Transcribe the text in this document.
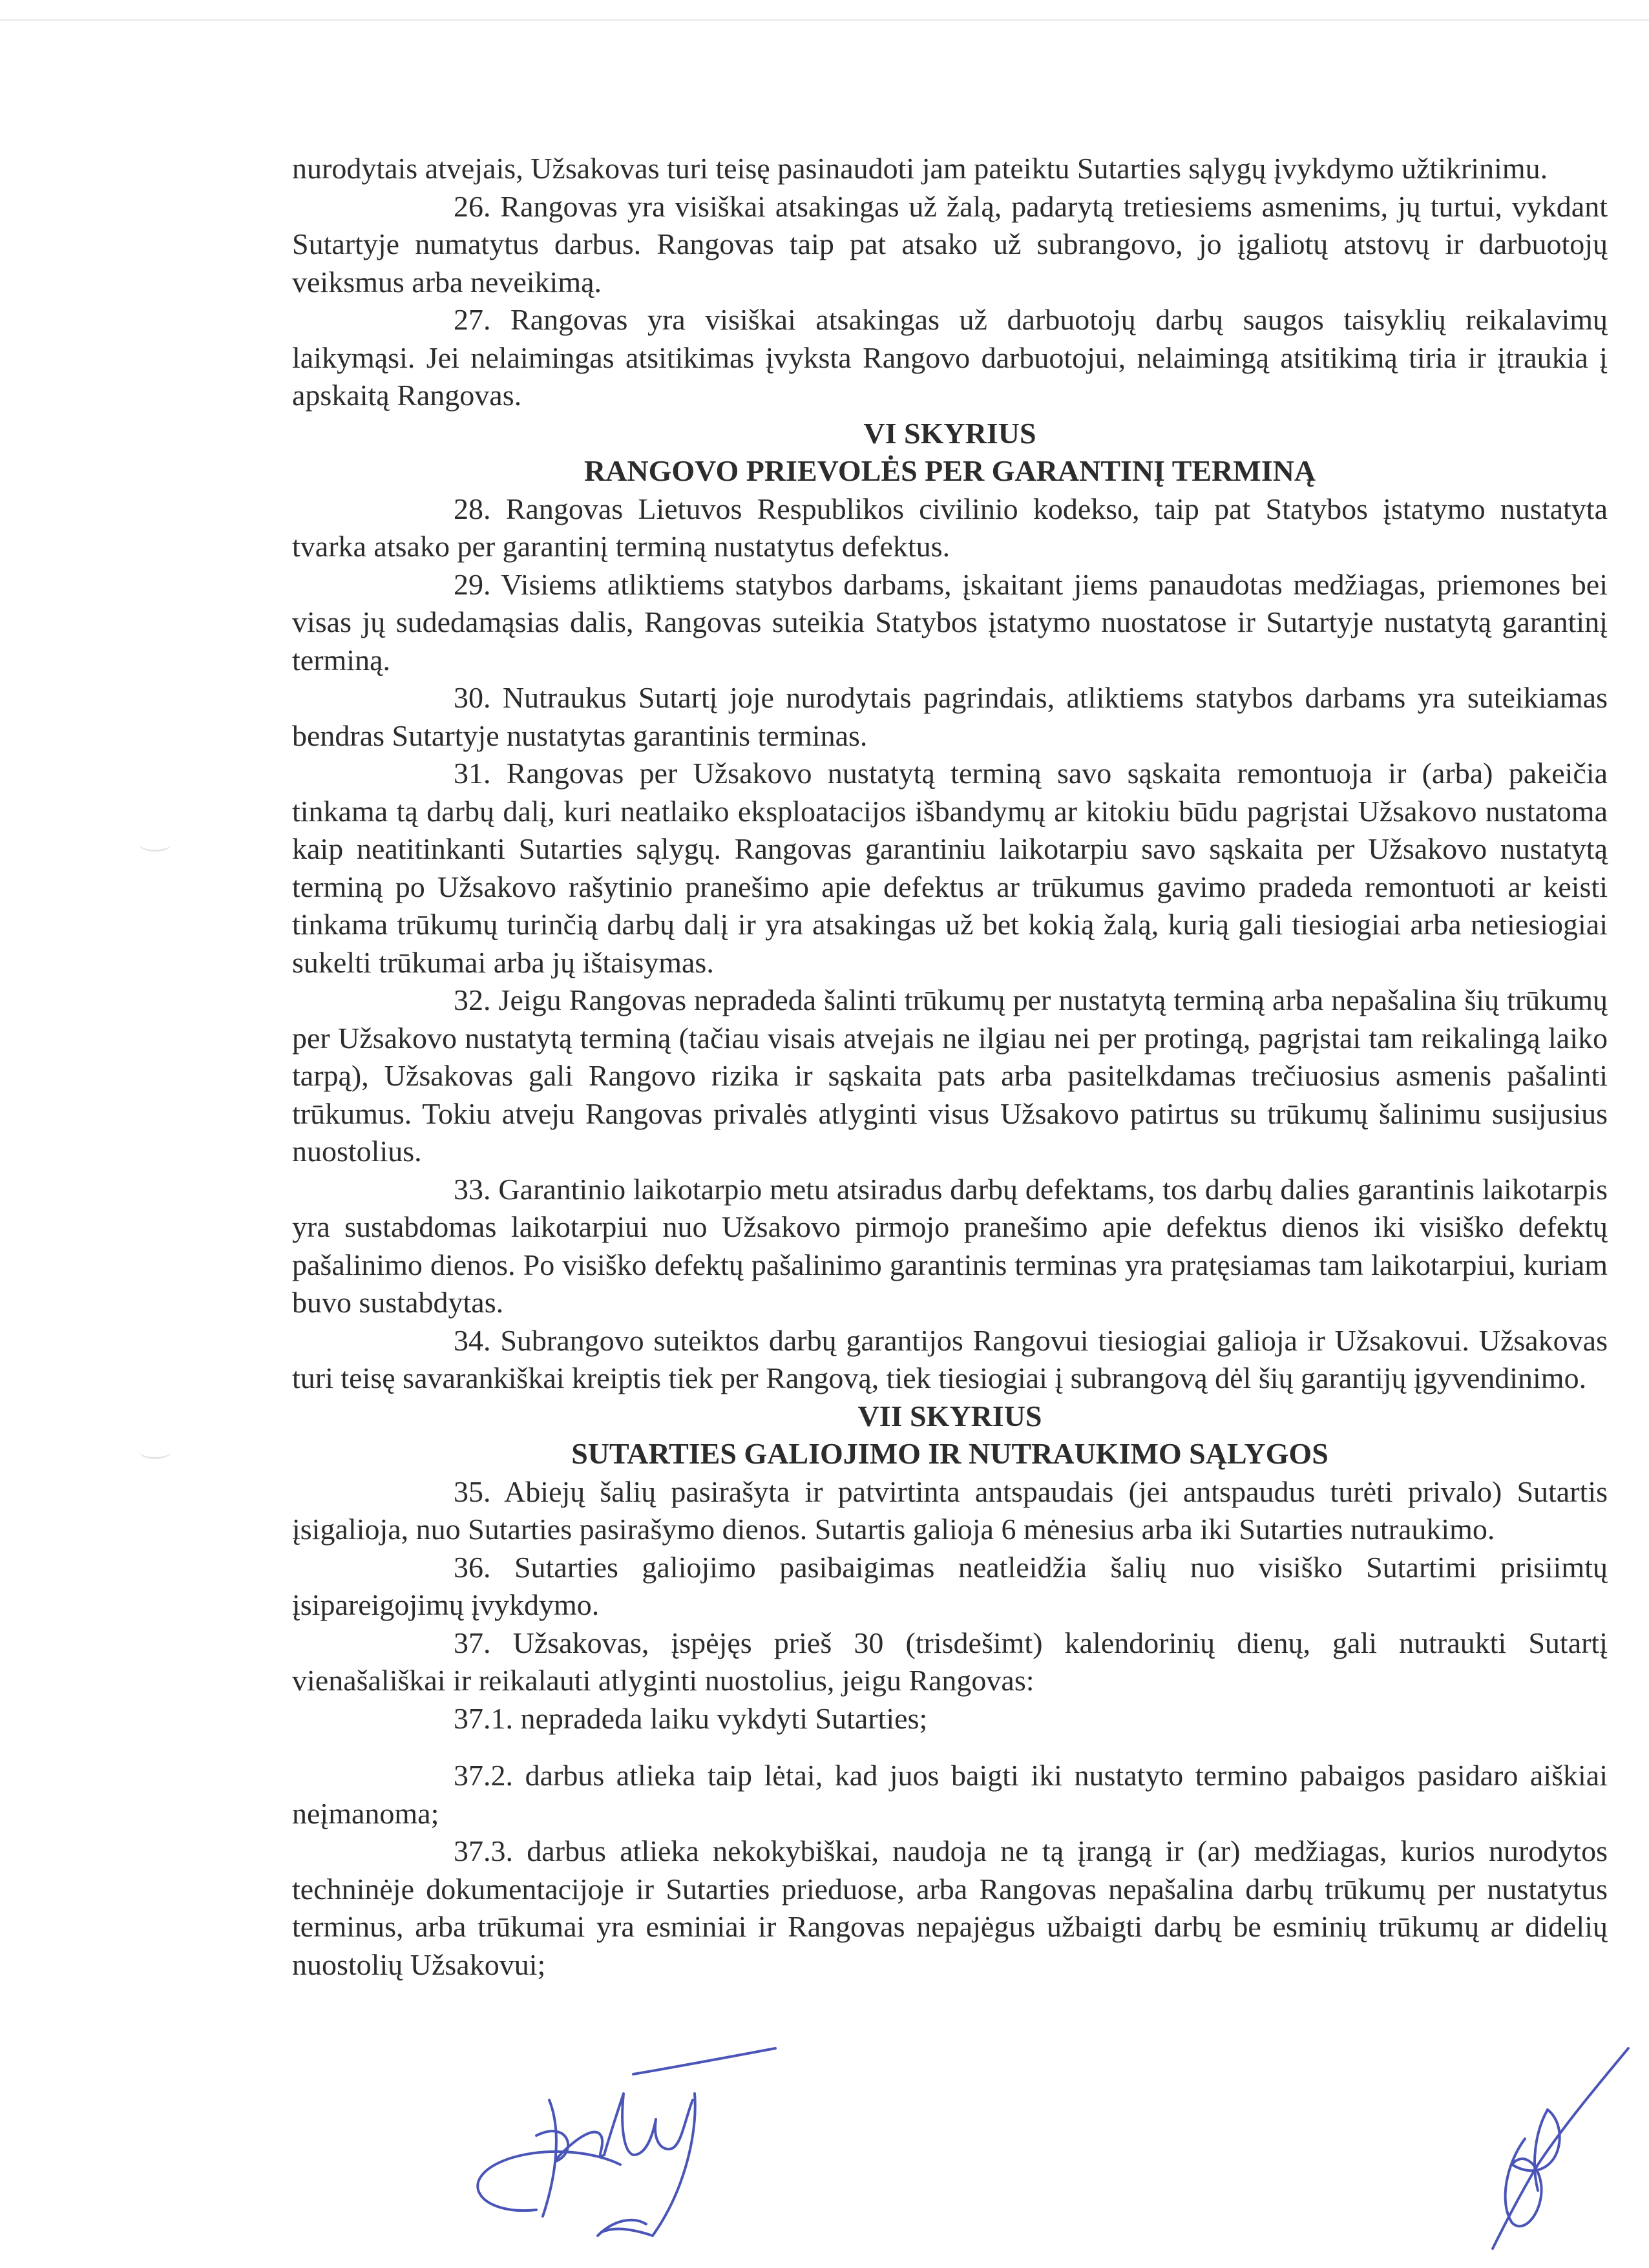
nurodytais atvejais, Užsakovas turi teisę pasinaudoti jam pateiktu Sutarties sąlygų įvykdymo užtikrinimu.

26. Rangovas yra visiškai atsakingas už žalą, padarytą tretiesiems asmenims, jų turtui, vykdant Sutartyje numatytus darbus. Rangovas taip pat atsako už subrangovo, jo įgaliotų atstovų ir darbuotojų veiksmus arba neveikimą.

27. Rangovas yra visiškai atsakingas už darbuotojų darbų saugos taisyklių reikalavimų laikymąsi. Jei nelaimingas atsitikimas įvyksta Rangovo darbuotojui, nelaimingą atsitikimą tiria ir įtraukia į apskaitą Rangovas.

VI SKYRIUS

RANGOVO PRIEVOLĖS PER GARANTINĮ TERMINĄ

28. Rangovas Lietuvos Respublikos civilinio kodekso, taip pat Statybos įstatymo nustatyta tvarka atsako per garantinį terminą nustatytus defektus.

29. Visiems atliktiems statybos darbams, įskaitant jiems panaudotas medžiagas, priemones bei visas jų sudedamąsias dalis, Rangovas suteikia Statybos įstatymo nuostatose ir Sutartyje nustatytą garantinį terminą.

30. Nutraukus Sutartį joje nurodytais pagrindais, atliktiems statybos darbams yra suteikiamas bendras Sutartyje nustatytas garantinis terminas.

31. Rangovas per Užsakovo nustatytą terminą savo sąskaita remontuoja ir (arba) pakeičia tinkama tą darbų dalį, kuri neatlaiko eksploatacijos išbandymų ar kitokiu būdu pagrįstai Užsakovo nustatoma kaip neatitinkanti Sutarties sąlygų. Rangovas garantiniu laikotarpiu savo sąskaita per Užsakovo nustatytą terminą po Užsakovo rašytinio pranešimo apie defektus ar trūkumus gavimo pradeda remontuoti ar keisti tinkama trūkumų turinčią darbų dalį ir yra atsakingas už bet kokią žalą, kurią gali tiesiogiai arba netiesiogiai sukelti trūkumai arba jų ištaisymas.

32. Jeigu Rangovas nepradeda šalinti trūkumų per nustatytą terminą arba nepašalina šių trūkumų per Užsakovo nustatytą terminą (tačiau visais atvejais ne ilgiau nei per protingą, pagrįstai tam reikalingą laiko tarpą), Užsakovas gali Rangovo rizika ir sąskaita pats arba pasitelkdamas trečiuosius asmenis pašalinti trūkumus. Tokiu atveju Rangovas privalės atlyginti visus Užsakovo patirtus su trūkumų šalinimu susijusius nuostolius.

33. Garantinio laikotarpio metu atsiradus darbų defektams, tos darbų dalies garantinis laikotarpis yra sustabdomas laikotarpiui nuo Užsakovo pirmojo pranešimo apie defektus dienos iki visiško defektų pašalinimo dienos. Po visiško defektų pašalinimo garantinis terminas yra pratęsiamas tam laikotarpiui, kuriam buvo sustabdytas.

34. Subrangovo suteiktos darbų garantijos Rangovui tiesiogiai galioja ir Užsakovui. Užsakovas turi teisę savarankiškai kreiptis tiek per Rangovą, tiek tiesiogiai į subrangovą dėl šių garantijų įgyvendinimo.

VII SKYRIUS

SUTARTIES GALIOJIMO IR NUTRAUKIMO SĄLYGOS

35. Abiejų šalių pasirašyta ir patvirtinta antspaudais (jei antspaudus turėti privalo) Sutartis įsigalioja, nuo Sutarties pasirašymo dienos. Sutartis galioja 6 mėnesius arba iki Sutarties nutraukimo.

36. Sutarties galiojimo pasibaigimas neatleidžia šalių nuo visiško Sutartimi prisiimtų įsipareigojimų įvykdymo.

37. Užsakovas, įspėjęs prieš 30 (trisdešimt) kalendorinių dienų, gali nutraukti Sutartį vienašališkai ir reikalauti atlyginti nuostolius, jeigu Rangovas:

37.1. nepradeda laiku vykdyti Sutarties;

37.2. darbus atlieka taip lėtai, kad juos baigti iki nustatyto termino pabaigos pasidaro aiškiai neįmanoma;

37.3. darbus atlieka nekokybiškai, naudoja ne tą įrangą ir (ar) medžiagas, kurios nurodytos techninėje dokumentacijoje ir Sutarties prieduose, arba Rangovas nepašalina darbų trūkumų per nustatytus terminus, arba trūkumai yra esminiai ir Rangovas nepajėgus užbaigti darbų be esminių trūkumų ar didelių nuostolių Užsakovui;
